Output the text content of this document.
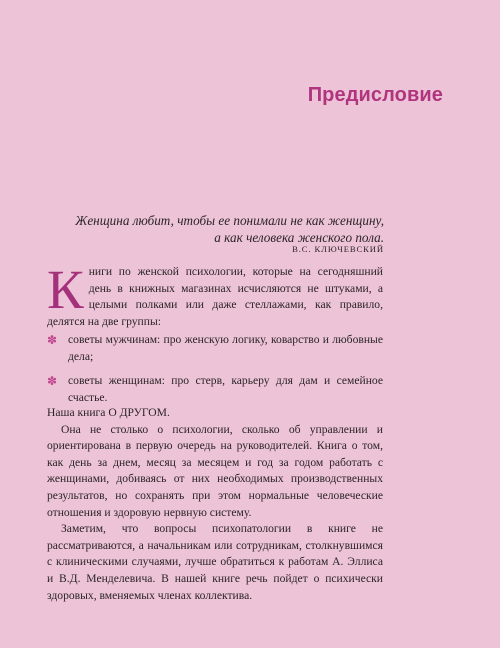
Предисловие
Женщина любит, чтобы ее понимали не как женщину,
а как человека женского пола.
В.С. КЛЮЧЕВСКИЙ
Книги по женской психологии, которые на сегодняшний день в книжных магазинах исчисляются не штуками, а целыми полками или даже стеллажами, как правило, делятся на две группы:
✽ советы мужчинам: про женскую логику, коварство и любовные дела;
✽ советы женщинам: про стерв, карьеру для дам и семейное счастье.

Наша книга О ДРУГОМ.

Она не столько о психологии, сколько об управлении и ориентирована в первую очередь на руководителей. Книга о том, как день за днем, месяц за месяцем и год за годом работать с женщинами, добиваясь от них необходимых производственных результатов, но сохранять при этом нормальные человеческие отношения и здоровую нервную систему.

Заметим, что вопросы психопатологии в книге не рассматриваются, а начальникам или сотрудникам, столкнувшимся с клиническими случаями, лучше обратиться к работам А. Эллиса и В.Д. Менделевича. В нашей книге речь пойдет о психически здоровых, вменяемых членах коллектива.
